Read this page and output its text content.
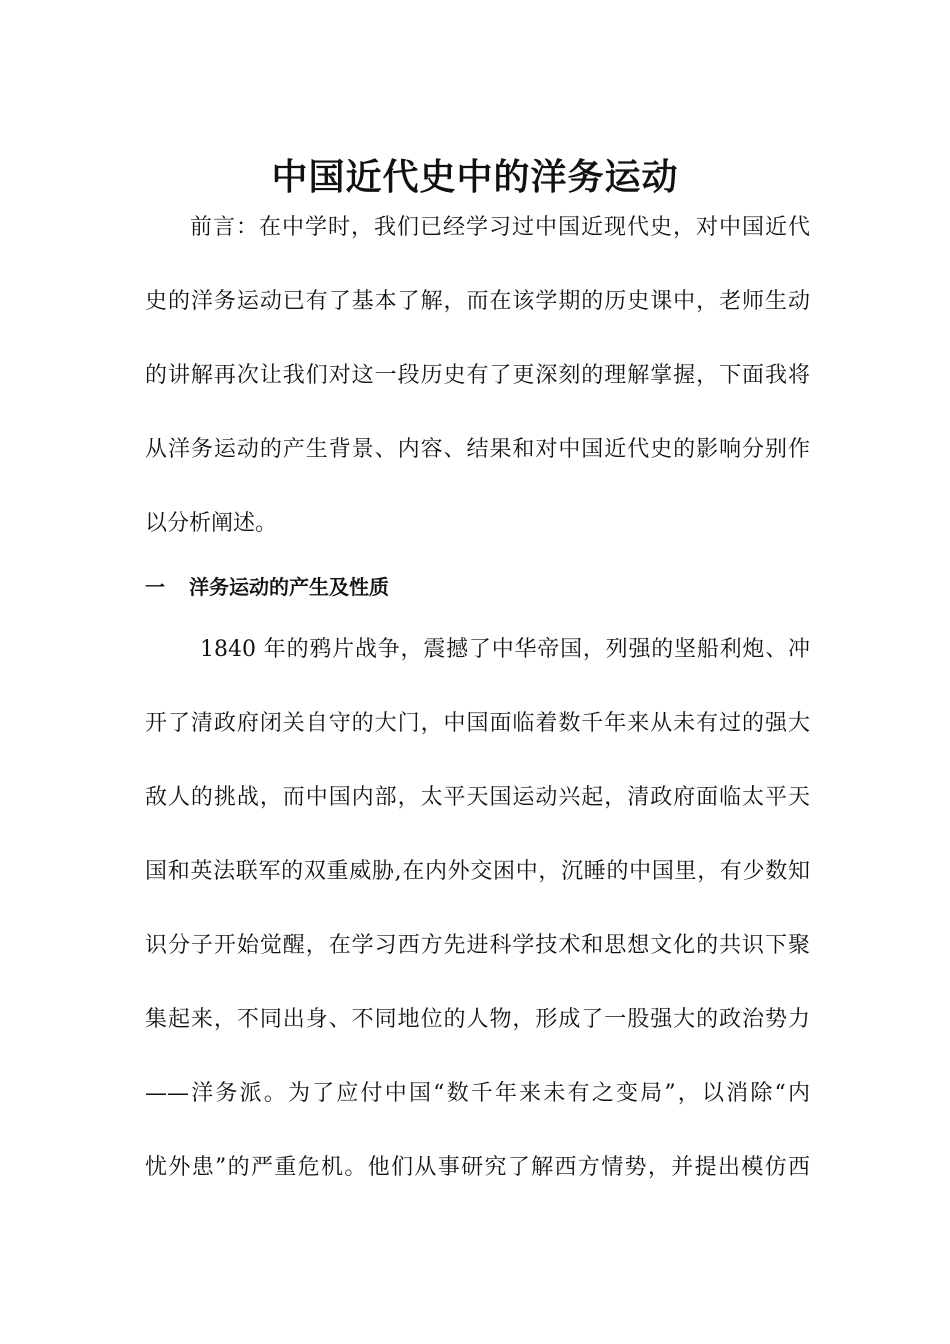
中国近代史中的洋务运动
前言：在中学时，我们已经学习过中国近现代史，对中国近代
史的洋务运动已有了基本了解，而在该学期的历史课中，老师生动
的讲解再次让我们对这一段历史有了更深刻的理解掌握，下面我将
从洋务运动的产生背景、内容、结果和对中国近代史的影响分别作
以分析阐述。
一 洋务运动的产生及性质
1840 年的鸦片战争，震撼了中华帝国，列强的坚船利炮、冲
开了清政府闭关自守的大门，中国面临着数千年来从未有过的强大
敌人的挑战，而中国内部，太平天国运动兴起，清政府面临太平天
国和英法联军的双重威胁,在内外交困中，沉睡的中国里，有少数知
识分子开始觉醒，在学习西方先进科学技术和思想文化的共识下聚
集起来，不同出身、不同地位的人物，形成了一股强大的政治势力
——洋务派。为了应付中国“数千年来未有之变局”，以消除“内
忧外患”的严重危机。他们从事研究了解西方情势，并提出模仿西
